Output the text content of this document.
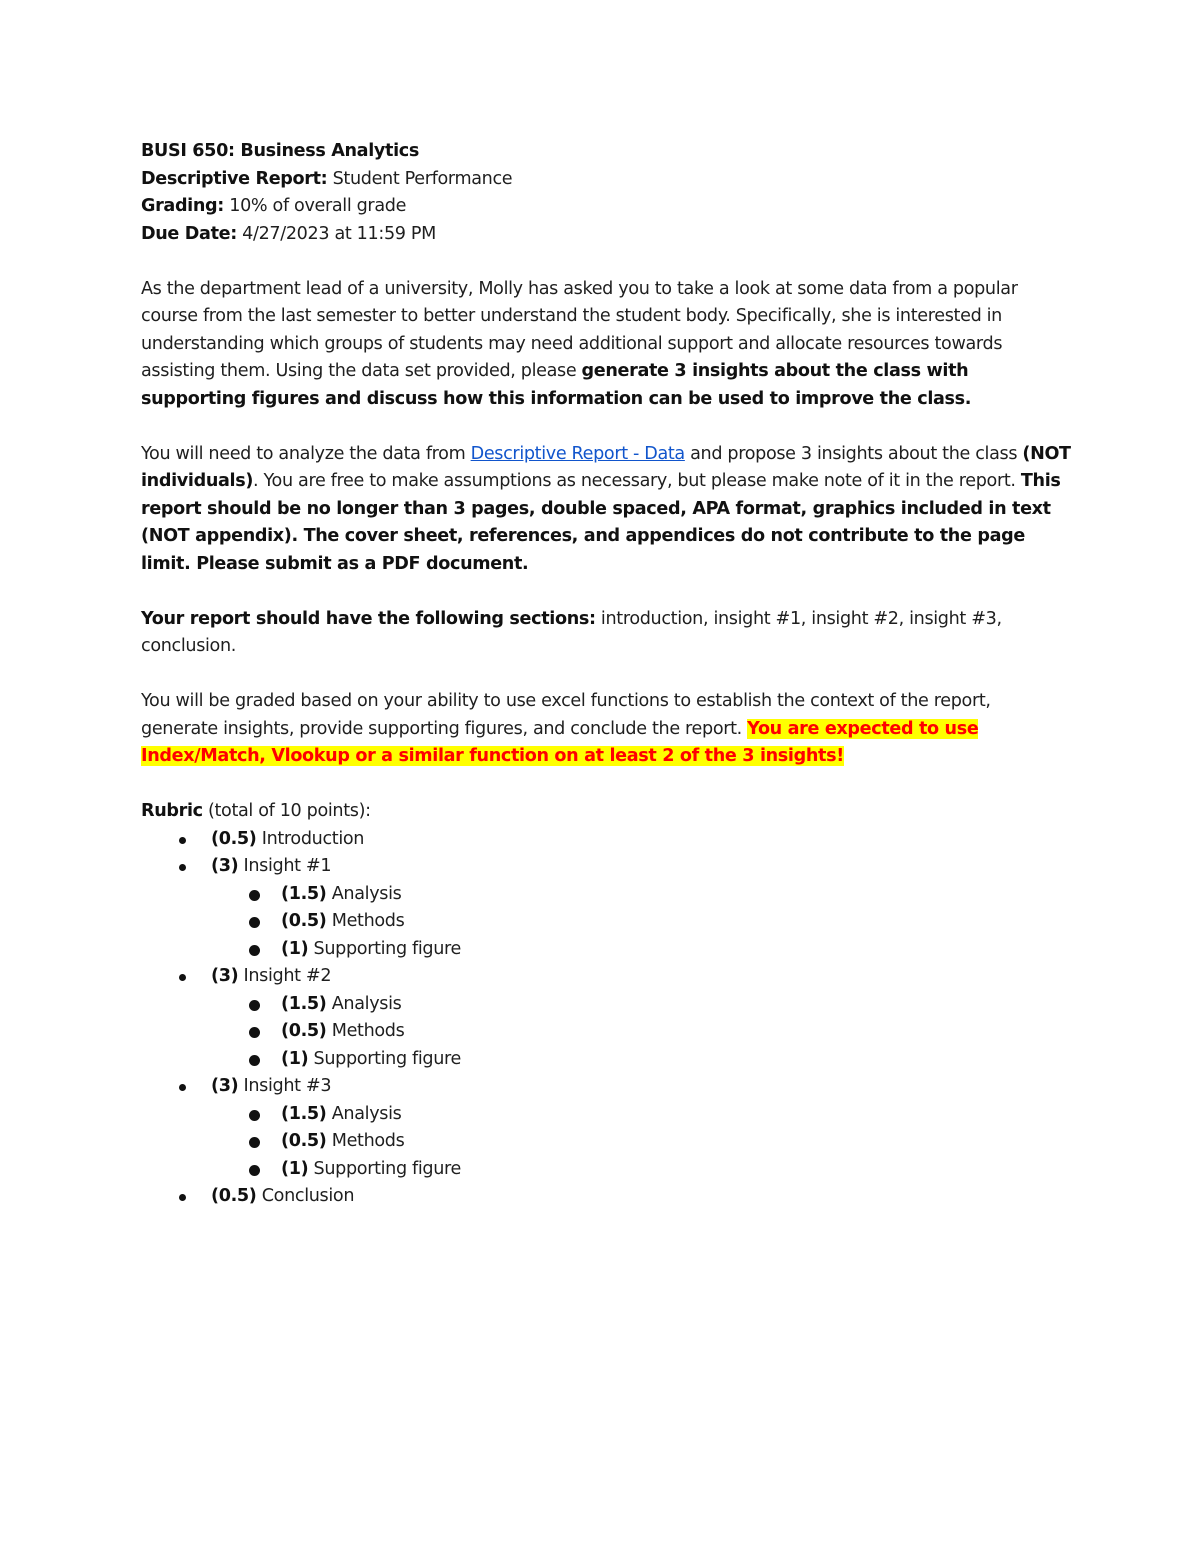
BUSI 650: Business Analytics
Descriptive Report: Student Performance
Grading: 10% of overall grade
Due Date: 4/27/2023 at 11:59 PM

As the department lead of a university, Molly has asked you to take a look at some data from a popular course from the last semester to better understand the student body. Specifically, she is interested in understanding which groups of students may need additional support and allocate resources towards assisting them. Using the data set provided, please generate 3 insights about the class with supporting figures and discuss how this information can be used to improve the class.

You will need to analyze the data from Descriptive Report - Data and propose 3 insights about the class (NOT individuals). You are free to make assumptions as necessary, but please make note of it in the report. This report should be no longer than 3 pages, double spaced, APA format, graphics included in text (NOT appendix). The cover sheet, references, and appendices do not contribute to the page limit. Please submit as a PDF document.

Your report should have the following sections: introduction, insight #1, insight #2, insight #3, conclusion.

You will be graded based on your ability to use excel functions to establish the context of the report, generate insights, provide supporting figures, and conclude the report. You are expected to use Index/Match, Vlookup or a similar function on at least 2 of the 3 insights!

Rubric (total of 10 points):
(0.5) Introduction
(3) Insight #1
(1.5) Analysis
(0.5) Methods
(1) Supporting figure
(3) Insight #2
(1.5) Analysis
(0.5) Methods
(1) Supporting figure
(3) Insight #3
(1.5) Analysis
(0.5) Methods
(1) Supporting figure
(0.5) Conclusion
